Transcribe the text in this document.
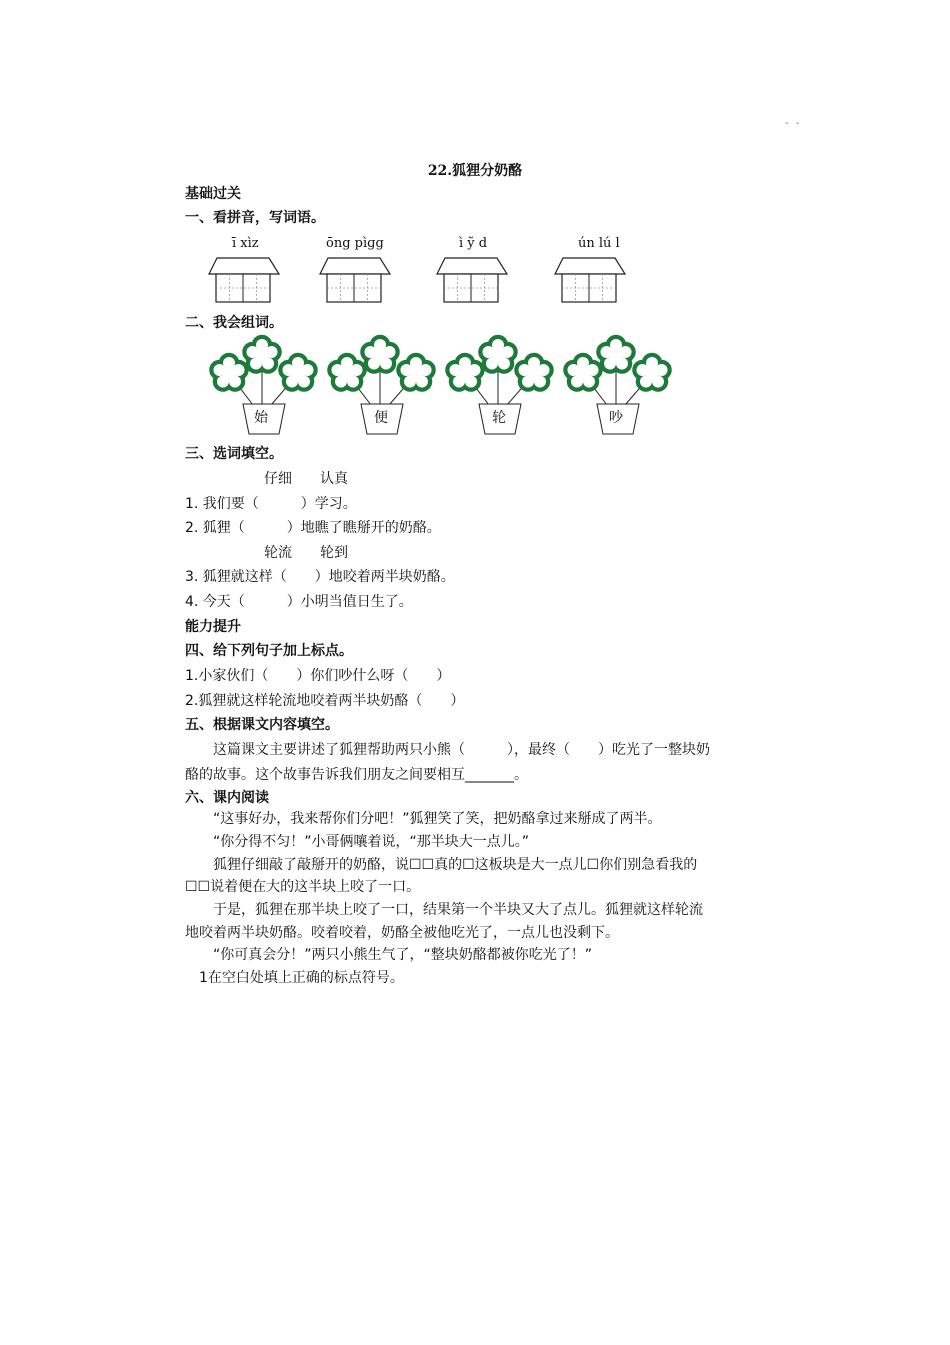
- -
22.狐狸分奶酪
基础过关
一、看拼音，写词语。
ī xìz	ōng pìɡg	ì ỹ d	ún lú l
二、我会组词。
始	便	轮	吵
三、选词填空。
仔细　　认真
1. 我们要（　　　）学习。
2. 狐狸（　　　）地瞧了瞧掰开的奶酪。
轮流　　轮到
3. 狐狸就这样（　　）地咬着两半块奶酪。
4. 今天（　　　）小明当值日生了。
能力提升
四、给下列句子加上标点。
1.小家伙们（　　）你们吵什么呀（　　）
2.狐狸就这样轮流地咬着两半块奶酪（　　）
五、根据课文内容填空。
　　这篇课文主要讲述了狐狸帮助两只小熊（　　　），最终（　　）吃光了一整块奶
酪的故事。这个故事告诉我们朋友之间要相互_______。
六、课内阅读
　　“这事好办，我来帮你们分吧！”狐狸笑了笑，把奶酪拿过来掰成了两半。
　　“你分得不匀！”小哥俩嚷着说，“那半块大一点儿。”
　　狐狸仔细敲了敲掰开的奶酪，说☐☐真的☐这板块是大一点儿☐你们别急看我的
☐☐说着便在大的这半块上咬了一口。
　　于是，狐狸在那半块上咬了一口，结果第一个半块又大了点儿。狐狸就这样轮流
地咬着两半块奶酪。咬着咬着，奶酪全被他吃光了，一点儿也没剩下。
　　“你可真会分！”两只小熊生气了，“整块奶酪都被你吃光了！”
　1在空白处填上正确的标点符号。
